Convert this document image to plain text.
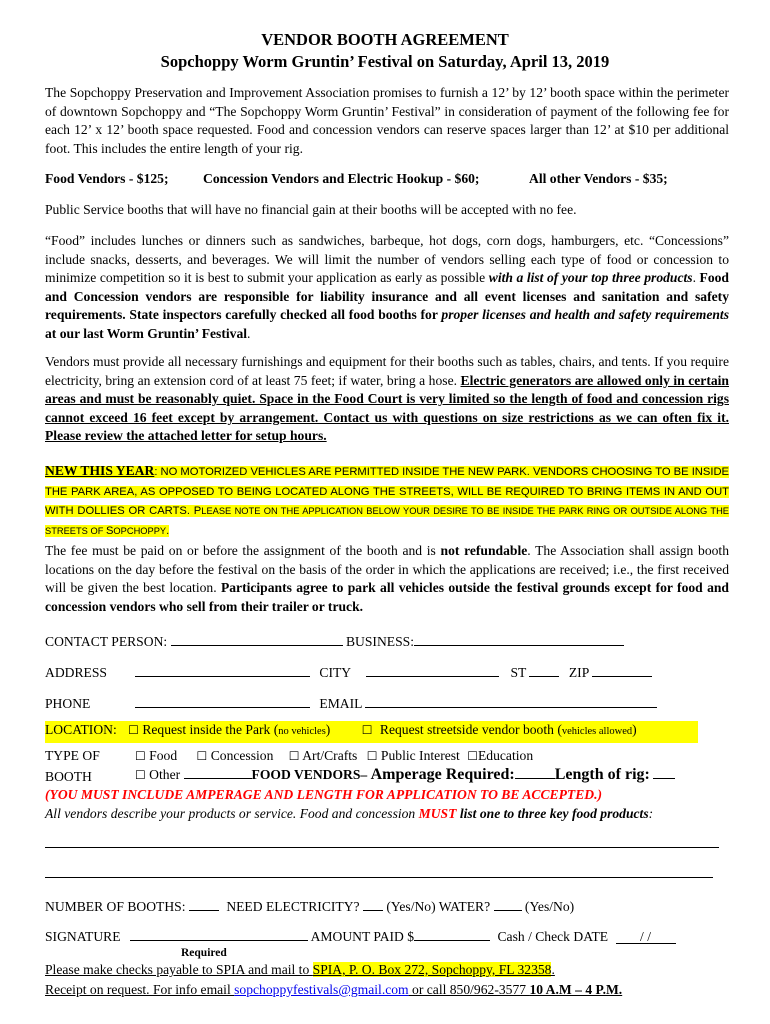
VENDOR BOOTH AGREEMENT
Sopchoppy Worm Gruntin’ Festival on Saturday, April 13, 2019
The Sopchoppy Preservation and Improvement Association promises to furnish a 12’ by 12’ booth space within the perimeter of downtown Sopchoppy and “The Sopchoppy Worm Gruntin’ Festival” in consideration of payment of the following fee for each 12’ x 12’ booth space requested. Food and concession vendors can reserve spaces larger than 12’ at $10 per additional foot. This includes the entire length of your rig.
Food Vendors - $125;	Concession Vendors and Electric Hookup - $60;	All other Vendors - $35;
Public Service booths that will have no financial gain at their booths will be accepted with no fee.
“Food” includes lunches or dinners such as sandwiches, barbeque, hot dogs, corn dogs, hamburgers, etc. “Concessions” include snacks, desserts, and beverages. We will limit the number of vendors selling each type of food or concession to minimize competition so it is best to submit your application as early as possible with a list of your top three products. Food and Concession vendors are responsible for liability insurance and all event licenses and sanitation and safety requirements. State inspectors carefully checked all food booths for proper licenses and health and safety requirements at our last Worm Gruntin’ Festival.
Vendors must provide all necessary furnishings and equipment for their booths such as tables, chairs, and tents. If you require electricity, bring an extension cord of at least 75 feet; if water, bring a hose. Electric generators are allowed only in certain areas and must be reasonably quiet. Space in the Food Court is very limited so the length of food and concession rigs cannot exceed 16 feet except by arrangement. Contact us with questions on size restrictions as we can often fix it. Please review the attached letter for setup hours.
NEW THIS YEAR: NO MOTORIZED VEHICLES ARE PERMITTED INSIDE THE NEW PARK. VENDORS CHOOSING TO BE INSIDE THE PARK AREA, AS OPPOSED TO BEING LOCATED ALONG THE STREETS, WILL BE REQUIRED TO BRING ITEMS IN AND OUT WITH DOLLIES OR CARTS. PLEASE NOTE ON THE APPLICATION BELOW YOUR DESIRE TO BE INSIDE THE PARK RING OR OUTSIDE ALONG THE STREETS OF SOPCHOPPY.
The fee must be paid on or before the assignment of the booth and is not refundable. The Association shall assign booth locations on the day before the festival on the basis of the order in which the applications are received; i.e., the first received will be given the best location. Participants agree to park all vehicles outside the festival grounds except for food and concession vendors who sell from their trailer or truck.
CONTACT PERSON:	BUSINESS:
ADDRESS	CITY	ST	ZIP
PHONE	EMAIL
LOCATION: ☐ Request inside the Park (no vehicles)	☐ Request streetside vendor booth (vehicles allowed)
TYPE OF	☐ Food ☐ Concession ☐ Art/Crafts ☐ Public Interest ☐Education
BOOTH	☐ Other	FOOD VENDORS– Amperage Required:	Length of rig:
(YOU MUST INCLUDE AMPERAGE AND LENGTH FOR APPLICATION TO BE ACCEPTED.)
All vendors describe your products or service. Food and concession MUST list one to three key food products:
NUMBER OF BOOTHS:	NEED ELECTRICITY? (Yes/No) WATER?	(Yes/No)
SIGNATURE	AMOUNT PAID $	Cash / Check DATE / /
Required
Please make checks payable to SPIA and mail to SPIA, P. O. Box 272, Sopchoppy, FL 32358.
Receipt on request. For info email sopchoppyfestivals@gmail.com or call 850/962-3577 10 A.M – 4 P.M.
